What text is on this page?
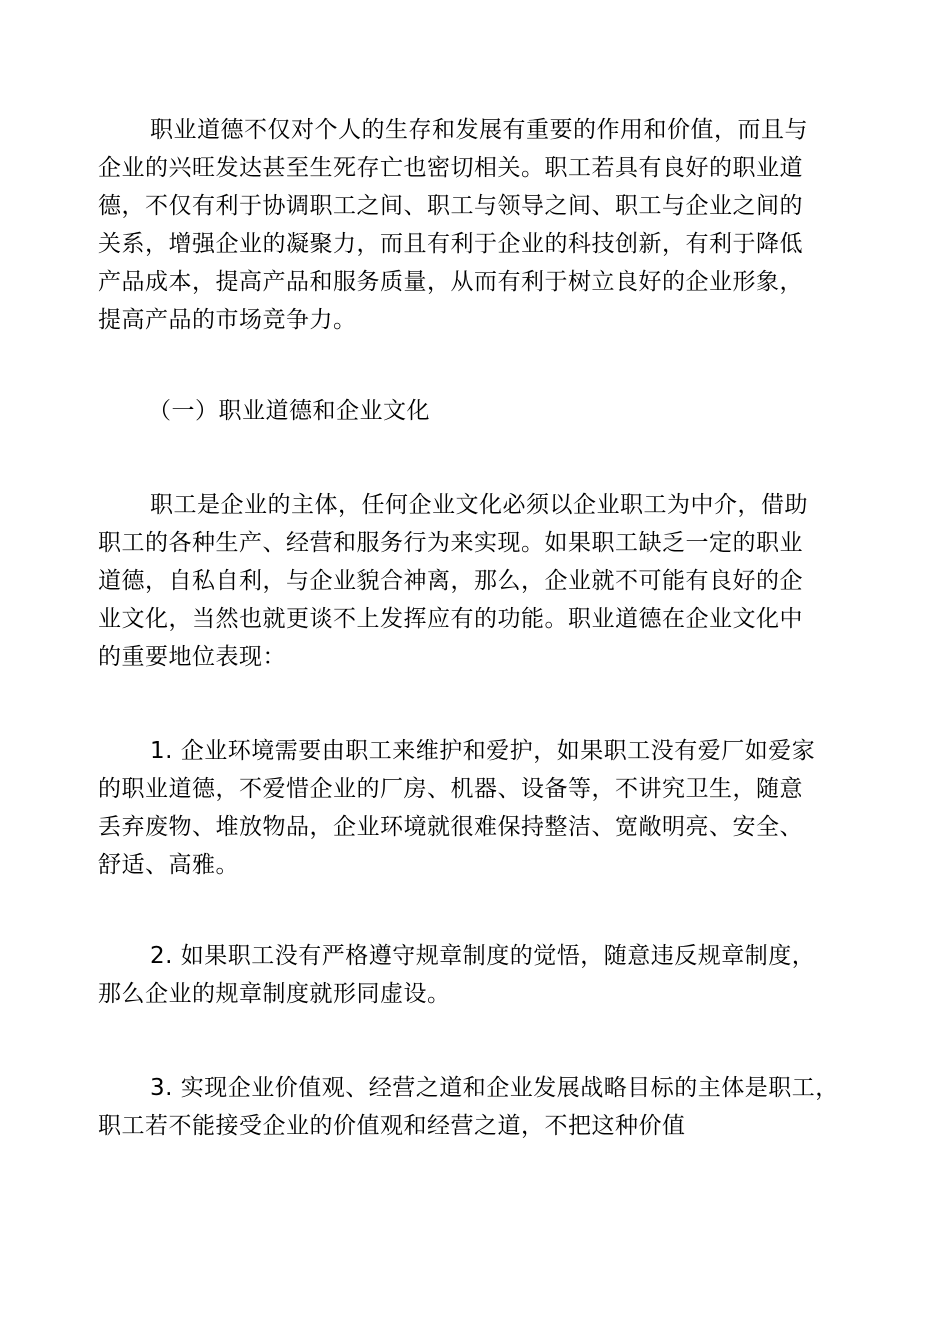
职业道德不仅对个人的生存和发展有重要的作用和价值，而且与
企业的兴旺发达甚至生死存亡也密切相关。职工若具有良好的职业道
德，不仅有利于协调职工之间、职工与领导之间、职工与企业之间的
关系，增强企业的凝聚力，而且有利于企业的科技创新，有利于降低
产品成本，提高产品和服务质量，从而有利于树立良好的企业形象，
提高产品的市场竞争力。

（一）职业道德和企业文化

职工是企业的主体，任何企业文化必须以企业职工为中介，借助
职工的各种生产、经营和服务行为来实现。如果职工缺乏一定的职业
道德，自私自利，与企业貌合神离，那么，企业就不可能有良好的企
业文化，当然也就更谈不上发挥应有的功能。职业道德在企业文化中
的重要地位表现：

1. 企业环境需要由职工来维护和爱护，如果职工没有爱厂如爱家
的职业道德，不爱惜企业的厂房、机器、设备等，不讲究卫生，随意
丢弃废物、堆放物品，企业环境就很难保持整洁、宽敞明亮、安全、
舒适、高雅。

2. 如果职工没有严格遵守规章制度的觉悟，随意违反规章制度，
那么企业的规章制度就形同虚设。

3. 实现企业价值观、经营之道和企业发展战略目标的主体是职工，
职工若不能接受企业的价值观和经营之道，不把这种价值
